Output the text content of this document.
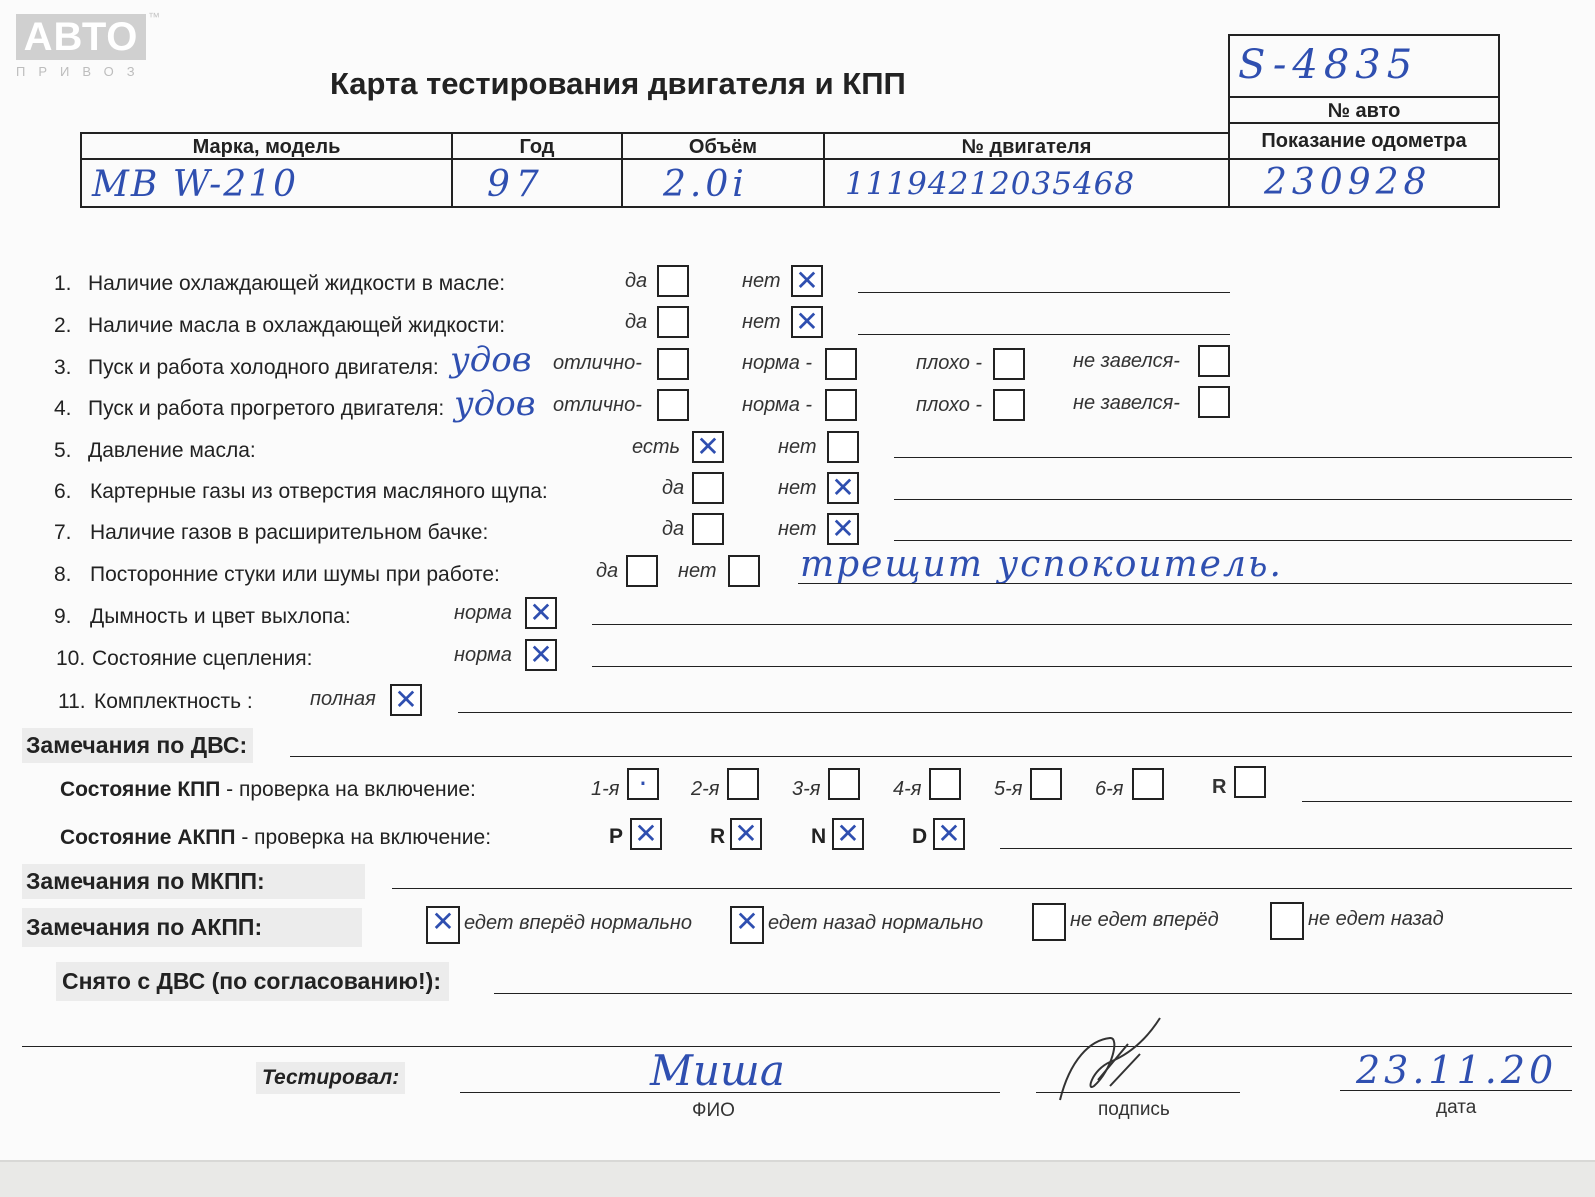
АВТО ™
ПРИВОЗ	Карта тестирования двигателя и КПП	S-4835
№ авто
Марка, модель	Год	Объём	№ двигателя	Показание одометра
MB W-210	97	2.0i	11194212035468	230928
1. Наличие охлаждающей жидкости в масле:	да	нет ✕
2. Наличие масла в охлаждающей жидкости:	да	нет ✕
3. Пуск и работа холодного двигателя: удов отлично-	норма -	плохо -	не завелся-
4. Пуск и работа прогретого двигателя: удов отлично-	норма -	плохо -	не завелся-
5. Давление масла:	есть ✕	нет
6. Картерные газы из отверстия масляного щупа:	да	нет ✕
7. Наличие газов в расширительном бачке:	да	нет ✕
8. Посторонние стуки или шумы при работе:	да	нет трещит успокоитель.
9. Дымность и цвет выхлопа:	норма ✕
10. Состояние сцепления:	норма ✕
11. Комплектность :	полная ✕
Замечания по ДВС:
Состояние КПП - проверка на включение:	1-я ·	2-я	3-я	4-я	5-я	6-я	R
Состояние АКПП - проверка на включение:	P ✕ R ✕	N ✕ D ✕
Замечания по МКПП:
Замечания по АКПП:	✕ едет вперёд нормально ✕ едет назад нормально	не едет вперёд	не едет назад
Снято с ДВС (по согласованию!):
Тестировал:	Миша
ФИО	подпись
23.11.20
дата
